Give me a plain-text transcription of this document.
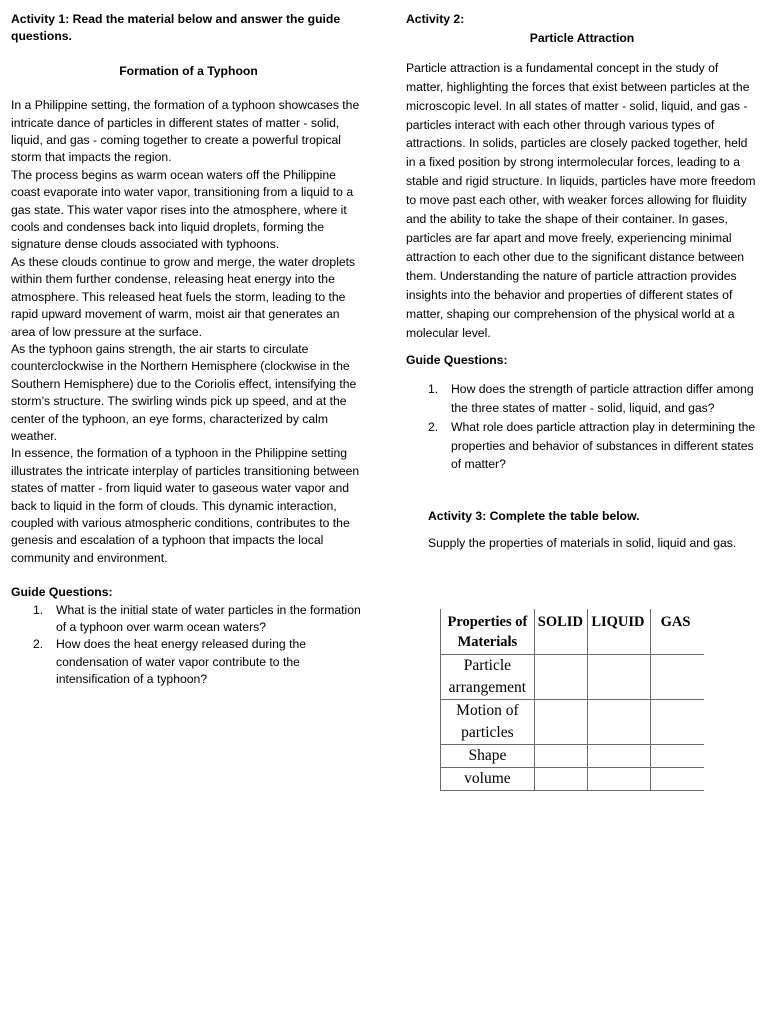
Activity 1: Read the material below and answer the guide questions.

Formation of a Typhoon

In a Philippine setting, the formation of a typhoon showcases the intricate dance of particles in different states of matter - solid, liquid, and gas - coming together to create a powerful tropical storm that impacts the region.

The process begins as warm ocean waters off the Philippine coast evaporate into water vapor, transitioning from a liquid to a gas state. This water vapor rises into the atmosphere, where it cools and condenses back into liquid droplets, forming the signature dense clouds associated with typhoons.

As these clouds continue to grow and merge, the water droplets within them further condense, releasing heat energy into the atmosphere. This released heat fuels the storm, leading to the rapid upward movement of warm, moist air that generates an area of low pressure at the surface.

As the typhoon gains strength, the air starts to circulate counterclockwise in the Northern Hemisphere (clockwise in the Southern Hemisphere) due to the Coriolis effect, intensifying the storm’s structure. The swirling winds pick up speed, and at the center of the typhoon, an eye forms, characterized by calm weather.

In essence, the formation of a typhoon in the Philippine setting illustrates the intricate interplay of particles transitioning between states of matter - from liquid water to gaseous water vapor and back to liquid in the form of clouds. This dynamic interaction, coupled with various atmospheric conditions, contributes to the genesis and escalation of a typhoon that impacts the local community and environment.

Guide Questions:

1. What is the initial state of water particles in the formation of a typhoon over warm ocean waters?
2. How does the heat energy released during the condensation of water vapor contribute to the intensification of a typhoon?

Activity 2:

Particle Attraction

Particle attraction is a fundamental concept in the study of matter, highlighting the forces that exist between particles at the microscopic level. In all states of matter - solid, liquid, and gas - particles interact with each other through various types of attractions. In solids, particles are closely packed together, held in a fixed position by strong intermolecular forces, leading to a stable and rigid structure. In liquids, particles have more freedom to move past each other, with weaker forces allowing for fluidity and the ability to take the shape of their container. In gases, particles are far apart and move freely, experiencing minimal attraction to each other due to the significant distance between them. Understanding the nature of particle attraction provides insights into the behavior and properties of different states of matter, shaping our comprehension of the physical world at a molecular level.

Guide Questions:

1. How does the strength of particle attraction differ among the three states of matter - solid, liquid, and gas?
2. What role does particle attraction play in determining the properties and behavior of substances in different states of matter?

Activity 3: Complete the table below.

Supply the properties of materials in solid, liquid and gas.

Properties of Materials	SOLID	LIQUID	GAS
Particle arrangement			
Motion of particles			
Shape			
volume			
